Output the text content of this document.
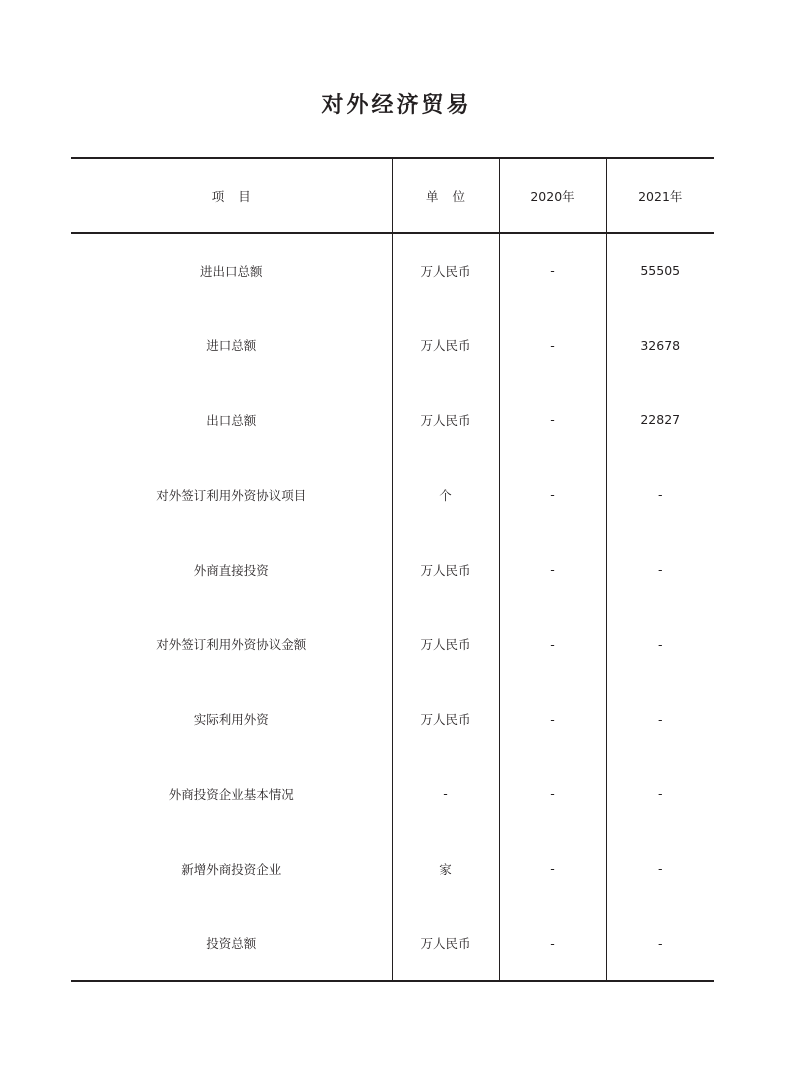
对外经济贸易
项目	单位	2020年	2021年
进出口总额	万人民币	-	55505
进口总额	万人民币	-	32678
出口总额	万人民币	-	22827
对外签订利用外资协议项目	个	-	-
外商直接投资	万人民币	-	-
对外签订利用外资协议金额	万人民币	-	-
实际利用外资	万人民币	-	-
外商投资企业基本情况	-	-	-
新增外商投资企业	家	-	-
投资总额	万人民币	-	-
